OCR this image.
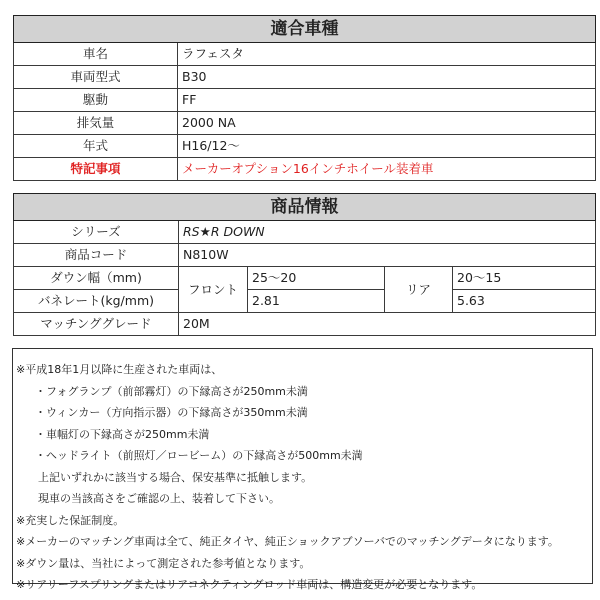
適合車種	
車名	ラフェスタ
車両型式	B30
駆動	FF
排気量	2000 NA
年式	H16/12～
特記事項	メーカーオプション16インチホイール装着車
商品情報				
シリーズ	RS★R DOWN			
商品コード	N810W			
ダウン幅（mm)	フロント	25～20	リア	20～15
バネレート(kg/mm)		2.81		5.63
マッチンググレード	20M			
※平成18年1月以降に生産された車両は、
・フォグランプ（前部霧灯）の下縁高さが250mm未満
・ウィンカー（方向指示器）の下縁高さが350mm未満
・車幅灯の下縁高さが250mm未満
・ヘッドライト（前照灯／ロービーム）の下縁高さが500mm未満
上記いずれかに該当する場合、保安基準に抵触します。
現車の当該高さをご確認の上、装着して下さい。
※充実した保証制度。
※メーカーのマッチング車両は全て、純正タイヤ、純正ショックアブソーバでのマッチングデータになります。
※ダウン量は、当社によって測定された参考値となります。
※リアリーフスプリングまたはリアコネクティングロッド車両は、構造変更が必要となります。
